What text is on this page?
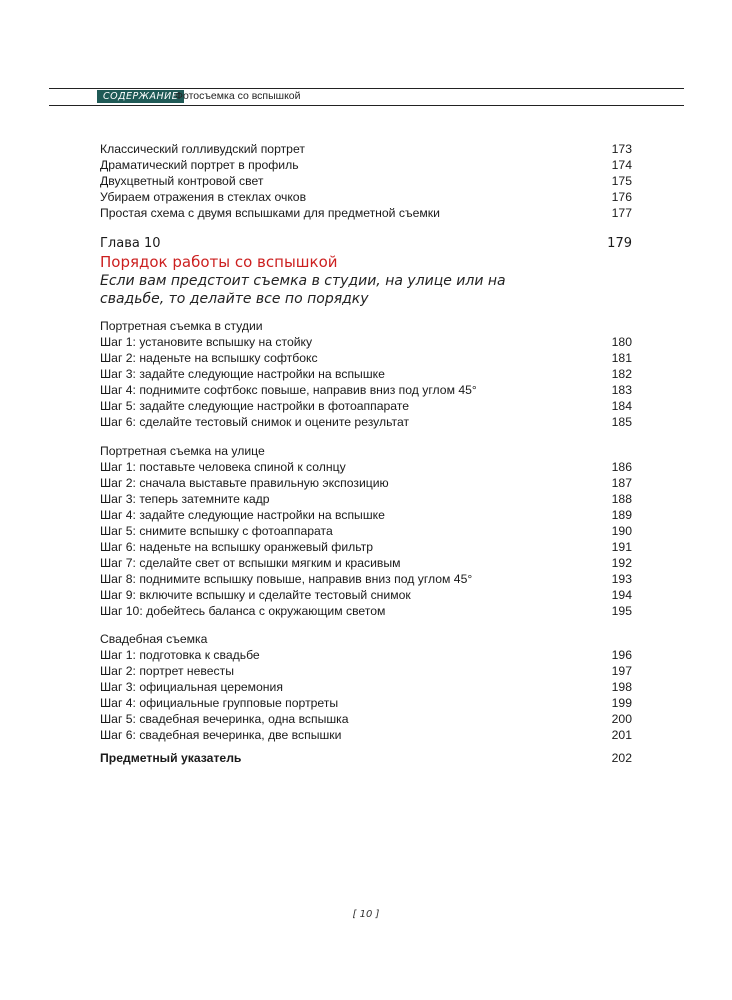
СОДЕРЖАНИЕ
Фотосъемка со вспышкой
Классический голливудский портрет	173
Драматический портрет в профиль	174
Двухцветный контровой свет	175
Убираем отражения в стеклах очков	176
Простая схема с двумя вспышками для предметной съемки	177
Глава 10	179
Порядок работы со вспышкой
Если вам предстоит съемка в студии, на улице или на свадьбе, то делайте все по порядку
Портретная съемка в студии
Шаг 1: установите вспышку на стойку	180
Шаг 2: наденьте на вспышку софтбокс	181
Шаг 3: задайте следующие настройки на вспышке	182
Шаг 4: поднимите софтбокс повыше, направив вниз под углом 45°	183
Шаг 5: задайте следующие настройки в фотоаппарате	184
Шаг 6: сделайте тестовый снимок и оцените результат	185
Портретная съемка на улице
Шаг 1: поставьте человека спиной к солнцу	186
Шаг 2: сначала выставьте правильную экспозицию	187
Шаг 3: теперь затемните кадр	188
Шаг 4: задайте следующие настройки на вспышке	189
Шаг 5: снимите вспышку с фотоаппарата	190
Шаг 6: наденьте на вспышку оранжевый фильтр	191
Шаг 7: сделайте свет от вспышки мягким и красивым	192
Шаг 8: поднимите вспышку повыше, направив вниз под углом 45°	193
Шаг 9: включите вспышку и сделайте тестовый снимок	194
Шаг 10: добейтесь баланса с окружающим светом	195
Свадебная съемка
Шаг 1: подготовка к свадьбе	196
Шаг 2: портрет невесты	197
Шаг 3: официальная церемония	198
Шаг 4: официальные групповые портреты	199
Шаг 5: свадебная вечеринка, одна вспышка	200
Шаг 6: свадебная вечеринка, две вспышки	201
Предметный указатель	202
[ 10 ]
